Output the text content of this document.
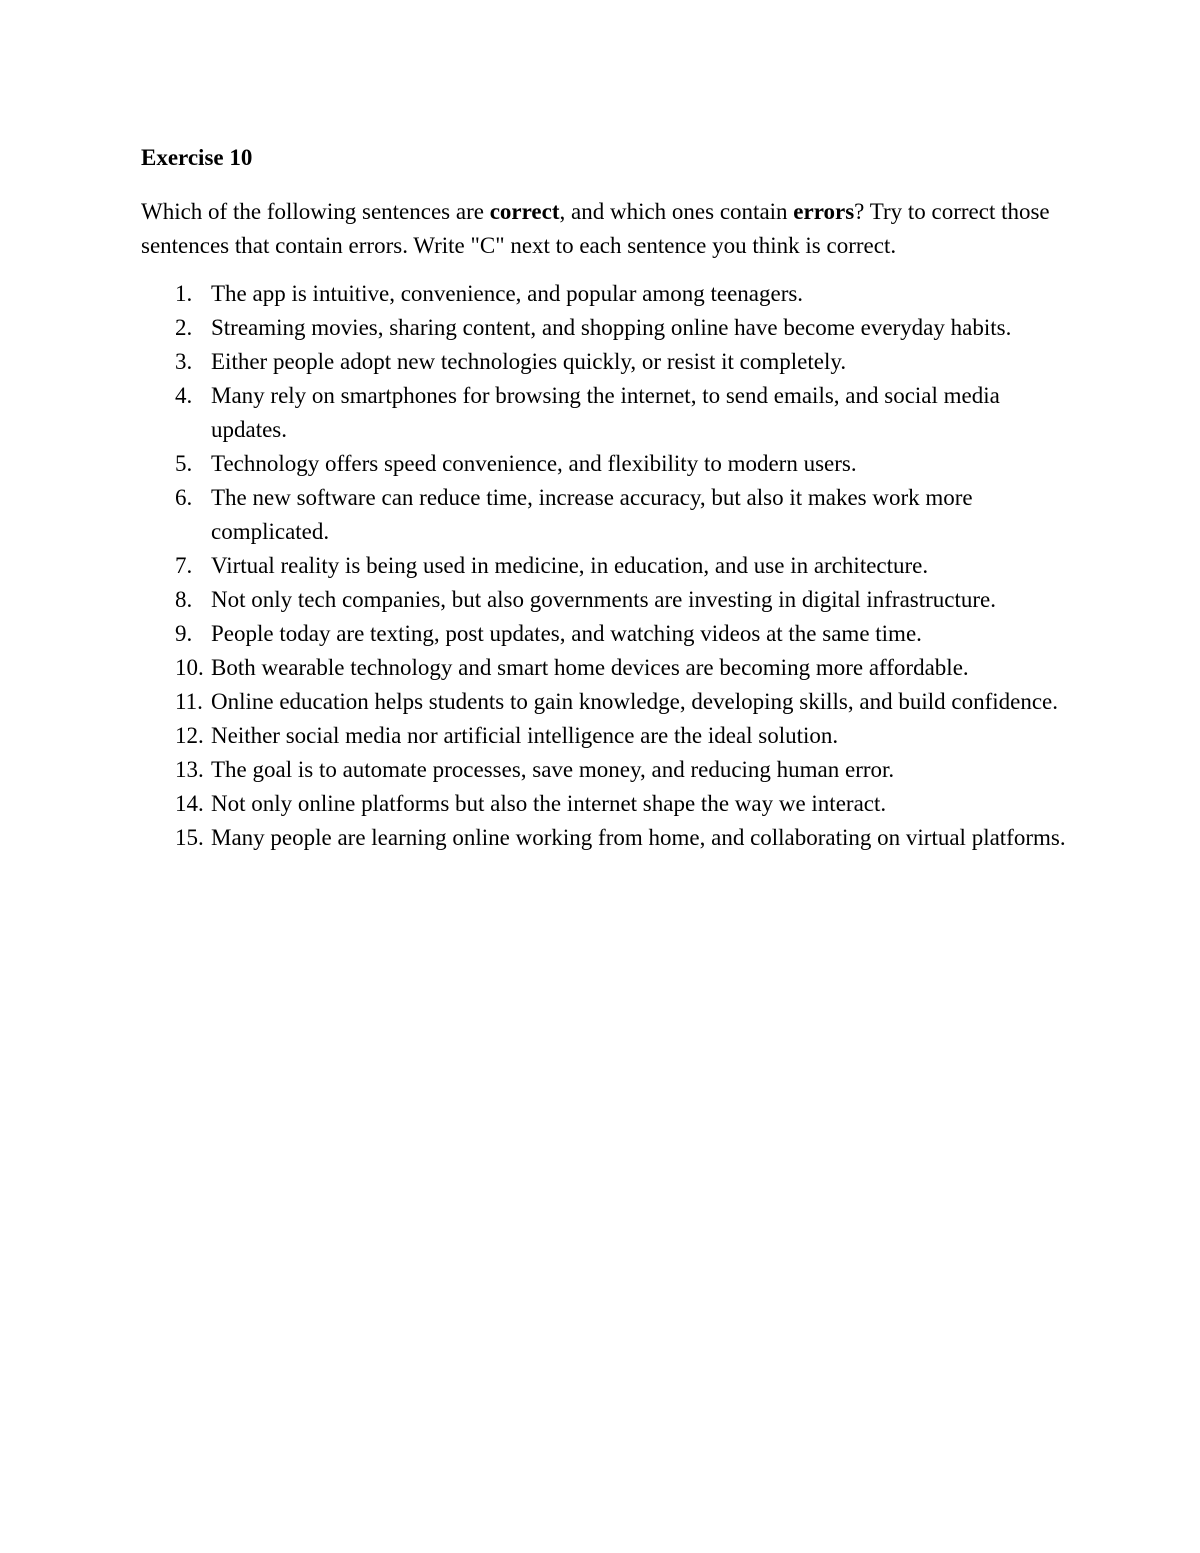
Exercise 10

Which of the following sentences are correct, and which ones contain errors? Try to correct those sentences that contain errors. Write "C" next to each sentence you think is correct.

1. The app is intuitive, convenience, and popular among teenagers.
2. Streaming movies, sharing content, and shopping online have become everyday habits.
3. Either people adopt new technologies quickly, or resist it completely.
4. Many rely on smartphones for browsing the internet, to send emails, and social media updates.
5. Technology offers speed convenience, and flexibility to modern users.
6. The new software can reduce time, increase accuracy, but also it makes work more complicated.
7. Virtual reality is being used in medicine, in education, and use in architecture.
8. Not only tech companies, but also governments are investing in digital infrastructure.
9. People today are texting, post updates, and watching videos at the same time.
10. Both wearable technology and smart home devices are becoming more affordable.
11. Online education helps students to gain knowledge, developing skills, and build confidence.
12. Neither social media nor artificial intelligence are the ideal solution.
13. The goal is to automate processes, save money, and reducing human error.
14. Not only online platforms but also the internet shape the way we interact.
15. Many people are learning online working from home, and collaborating on virtual platforms.
